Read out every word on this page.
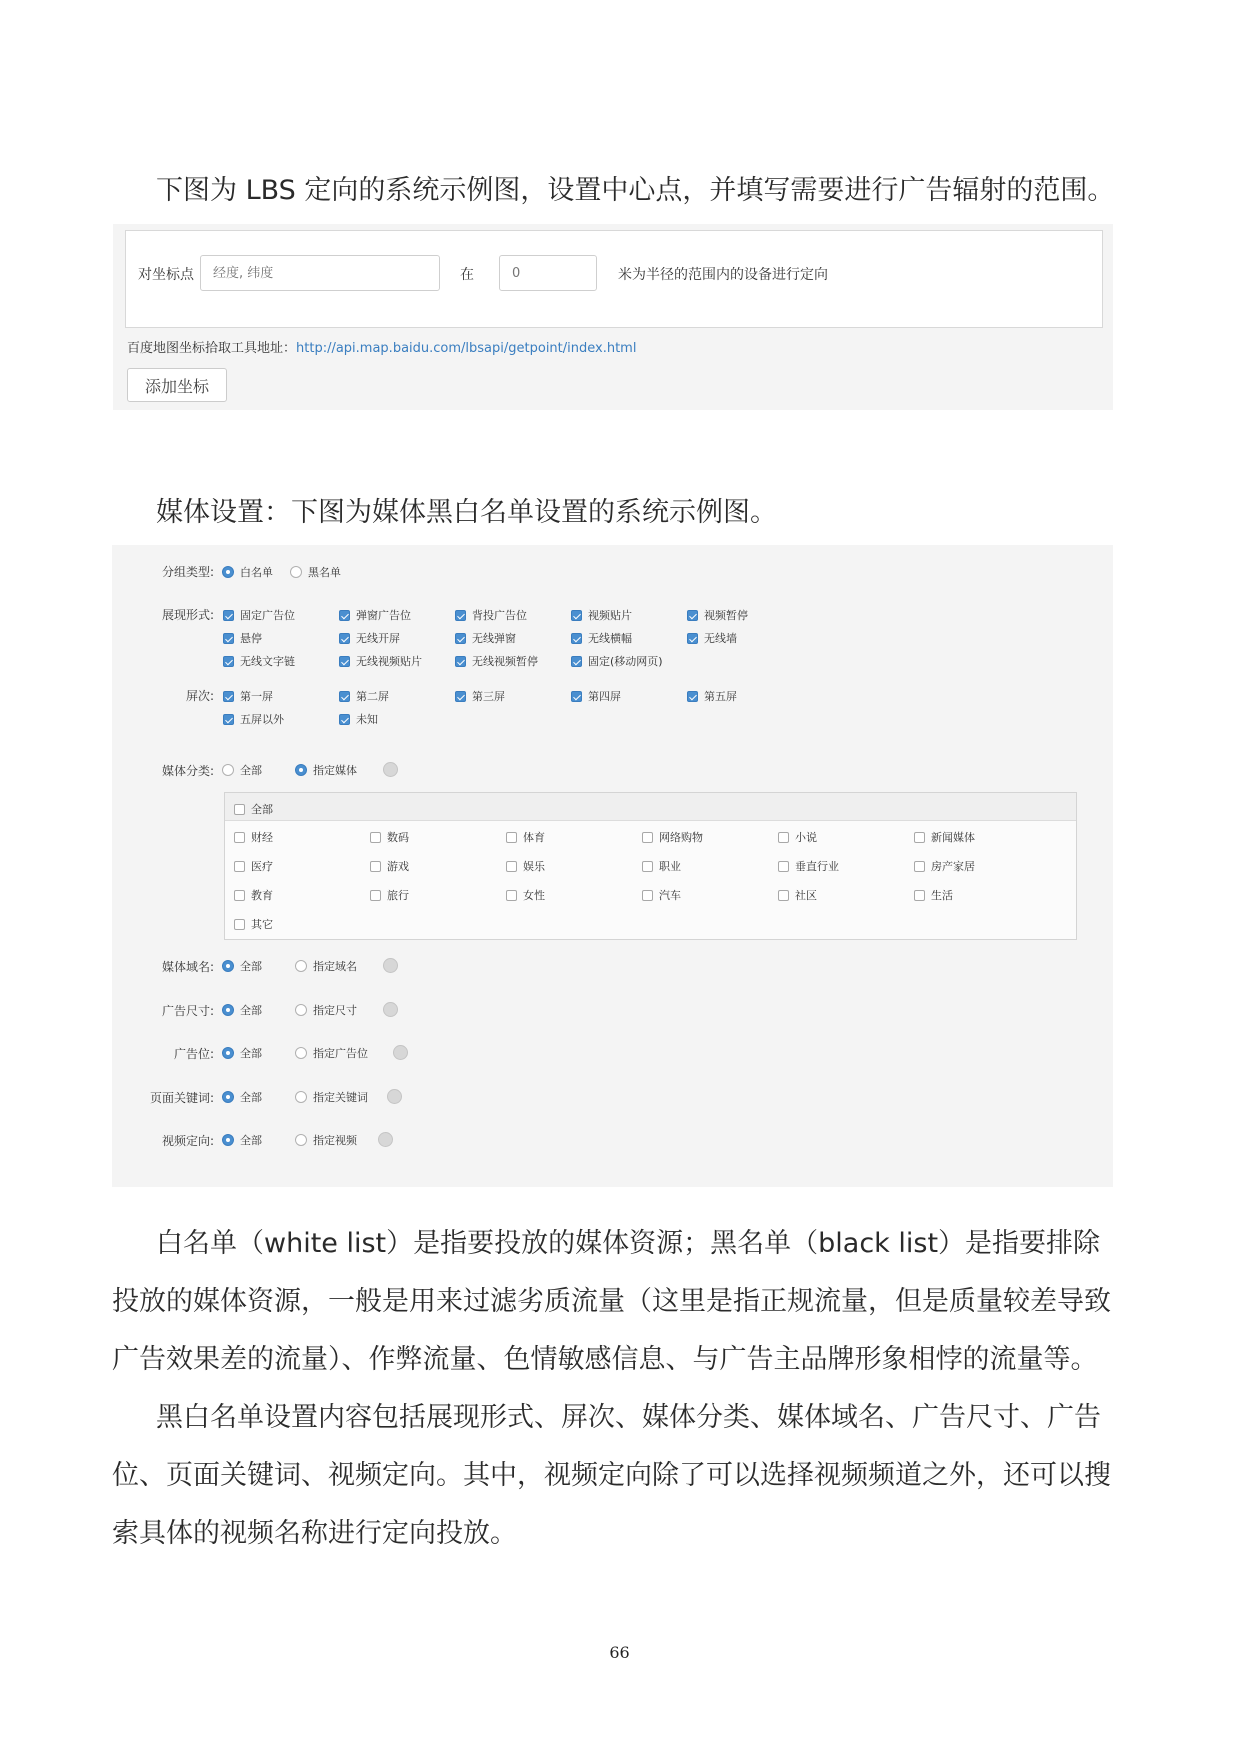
下图为 LBS 定向的系统示例图，设置中心点，并填写需要进行广告辐射的范围。
对坐标点
经度, 纬度	在
0	米为半径的范围内的设备进行定向
百度地图坐标拾取工具地址：http://api.map.baidu.com/lbsapi/getpoint/index.html
添加坐标
媒体设置：下图为媒体黑白名单设置的系统示例图。
分组类型: 白名单	黑名单
展现形式: 固定广告位	弹窗广告位	背投广告位	视频贴片	视频暂停
悬停	无线开屏	无线弹窗	无线横幅	无线墙
无线文字链	无线视频贴片	无线视频暂停	固定(移动网页)
屏次: 第一屏	第二屏	第三屏	第四屏	第五屏
五屏以外	未知
媒体分类: 全部	指定媒体
全部
财经	数码	体育	网络购物	小说	新闻媒体
医疗	游戏	娱乐	职业	垂直行业	房产家居
教育	旅行	女性	汽车	社区	生活
其它
媒体域名: 全部	指定域名
广告尺寸: 全部	指定尺寸
广告位: 全部	指定广告位
页面关键词: 全部	指定关键词
视频定向: 全部	指定视频
白名单（white list）是指要投放的媒体资源；黑名单（black list）是指要排除投放的媒体资源，一般是用来过滤劣质流量（这里是指正规流量，但是质量较差导致广告效果差的流量）、作弊流量、色情敏感信息、与广告主品牌形象相悖的流量等。
黑白名单设置内容包括展现形式、屏次、媒体分类、媒体域名、广告尺寸、广告位、页面关键词、视频定向。其中，视频定向除了可以选择视频频道之外，还可以搜索具体的视频名称进行定向投放。
66
